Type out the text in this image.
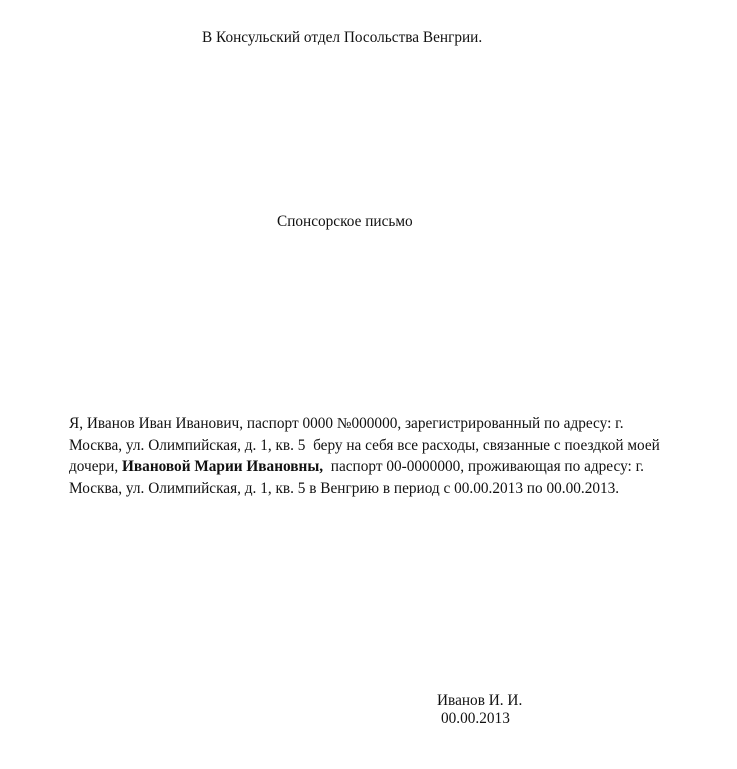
В Консульский отдел Посольства Венгрии.
Спонсорское письмо
Я, Иванов Иван Иванович, паспорт 0000 №000000, зарегистрированный по адресу: г.
Москва, ул. Олимпийская, д. 1, кв. 5  беру на себя все расходы, связанные с поездкой моей
дочери, Ивановой Марии Ивановны,  паспорт 00-0000000, проживающая по адресу: г.
Москва, ул. Олимпийская, д. 1, кв. 5 в Венгрию в период с 00.00.2013 по 00.00.2013.
Иванов И. И.
00.00.2013
